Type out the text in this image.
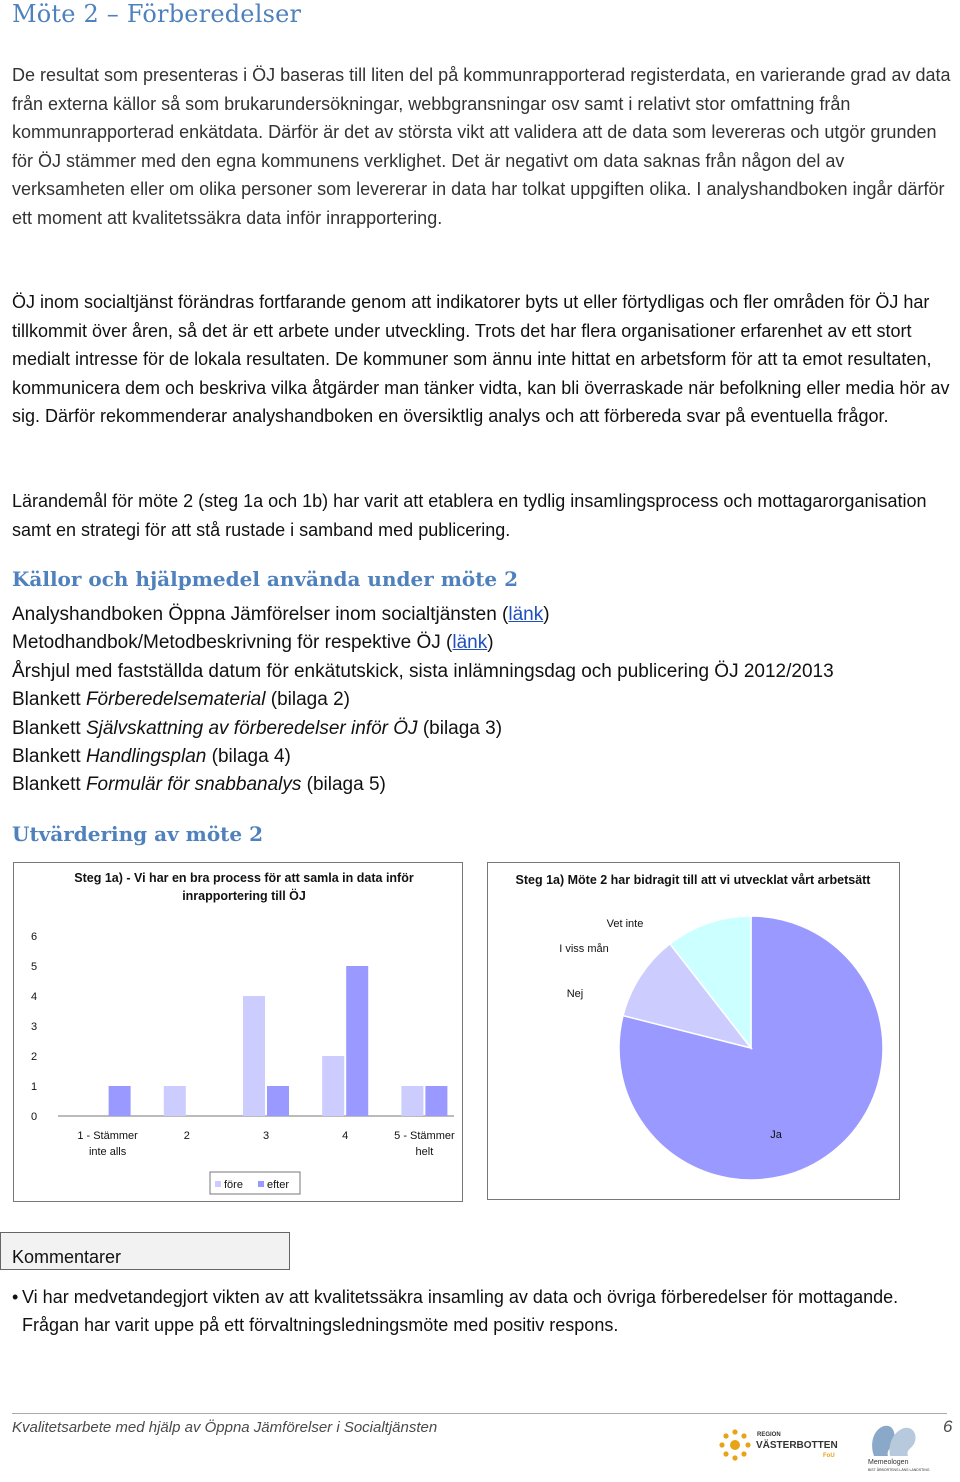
Möte 2 – Förberedelser

De resultat som presenteras i ÖJ baseras till liten del på kommunrapporterad registerdata, en varierande grad av data från externa källor så som brukarundersökningar, webbgransningar osv samt i relativt stor omfattning från kommunrapporterad enkätdata. Därför är det av största vikt att validera att de data som levereras och utgör grunden för ÖJ stämmer med den egna kommunens verklighet. Det är negativt om data saknas från någon del av verksamheten eller om olika personer som levererar in data har tolkat uppgiften olika. I analyshandboken ingår därför ett moment att kvalitetssäkra data inför inrapportering.

ÖJ inom socialtjänst förändras fortfarande genom att indikatorer byts ut eller förtydligas och fler områden för ÖJ har tillkommit över åren, så det är ett arbete under utveckling. Trots det har flera organisationer erfarenhet av ett stort medialt intresse för de lokala resultaten. De kommuner som ännu inte hittat en arbetsform för att ta emot resultaten, kommunicera dem och beskriva vilka åtgärder man tänker vidta, kan bli överraskade när befolkning eller media hör av sig. Därför rekommenderar analyshandboken en översiktlig analys och att förbereda svar på eventuella frågor.

Lärandemål för möte 2 (steg 1a och 1b) har varit att etablera en tydlig insamlingsprocess och mottagarorganisation samt en strategi för att stå rustade i samband med publicering.

Källor och hjälpmedel använda under möte 2
Analyshandboken Öppna Jämförelser inom socialtjänsten (länk)
Metodhandbok/Metodbeskrivning för respektive ÖJ (länk)
Årshjul med fastställda datum för enkätutskick, sista inlämningsdag och publicering ÖJ 2012/2013
Blankett Förberedelsematerial (bilaga 2)
Blankett Självskattning av förberedelser inför ÖJ (bilaga 3)
Blankett Handlingsplan (bilaga 4)
Blankett Formulär för snabbanalys (bilaga 5)
Utvärdering av möte 2
Steg 1a) - Vi har en bra process för att samla in data inför inrapportering till ÖJ
0
1
2
3
4
5
6
1 - Stämmer
inte alls
2	3	4	5 - Stämmer
helt
före efter
Steg 1a) Möte 2 har bidragit till att vi utvecklat vårt arbetsätt
Ja
Nej
I viss mån
Vet inte
Kommentarer
• Vi har medvetandegjort vikten av att kvalitetssäkra insamling av data och övriga förberedelser för mottagande. Frågan har varit uppe på ett förvaltningsledningsmöte med positiv respons.
Kvalitetsarbete med hjälp av Öppna Jämförelser i Socialtjänsten	REGION
VÄSTERBOTTEN
FoU
Memeologen
BIST ÅRBORTENS LÄNS LANDSTING
6
